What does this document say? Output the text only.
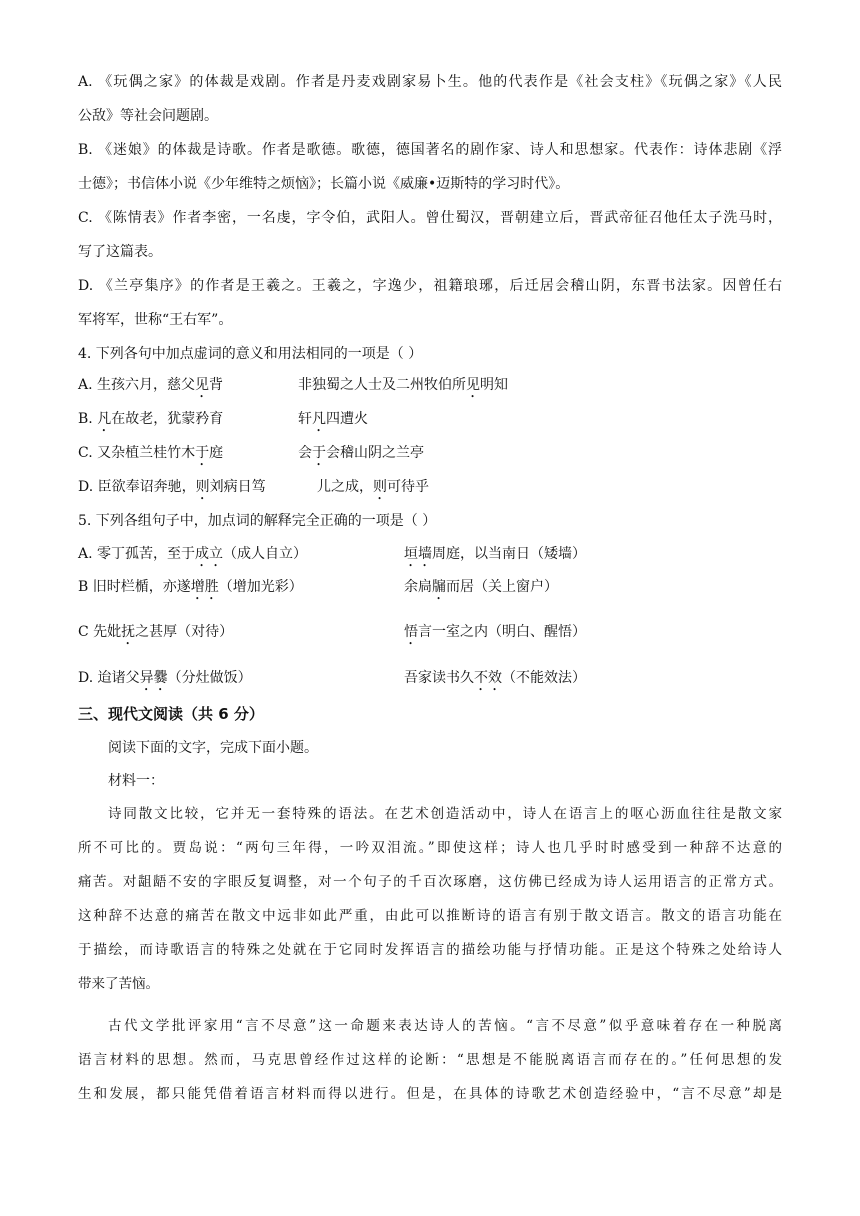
A. 《玩偶之家》的体裁是戏剧。作者是丹麦戏剧家易卜生。他的代表作是《社会支柱》《玩偶之家》《人民
公敌》等社会问题剧。
B. 《迷娘》的体裁是诗歌。作者是歌德。歌德，德国著名的剧作家、诗人和思想家。代表作：诗体悲剧《浮
士德》；书信体小说《少年维特之烦恼》；长篇小说《威廉•迈斯特的学习时代》。
C. 《陈情表》作者李密，一名虔，字令伯，武阳人。曾仕蜀汉，晋朝建立后，晋武帝征召他任太子洗马时，
写了这篇表。
D. 《兰亭集序》的作者是王羲之。王羲之，字逸少，祖籍琅琊，后迁居会稽山阴，东晋书法家。因曾任右
军将军，世称“王右军”。
4. 下列各句中加点虚词的意义和用法相同的一项是（ ）
A. 生孩六月，慈父见背	非独蜀之人士及二州牧伯所见明知
B. 凡在故老，犹蒙矜育	轩凡四遭火
C. 又杂植兰桂竹木于庭	会于会稽山阴之兰亭
D. 臣欲奉诏奔驰，则刘病日笃	儿之成，则可待乎
5. 下列各组句子中，加点词的解释完全正确的一项是（ ）
A. 零丁孤苦，至于成立（成人自立）	垣墙周庭，以当南日（矮墙）
B 旧时栏楯，亦遂增胜（增加光彩）	余扃牖而居（关上窗户）
C 先妣抚之甚厚（对待）	悟言一室之内（明白、醒悟）
D. 迨诸父异爨（分灶做饭）	吾家读书久不效（不能效法）
三、现代文阅读（共 6 分）
阅读下面的文字，完成下面小题。
材料一：
诗同散文比较，它并无一套特殊的语法。在艺术创造活动中，诗人在语言上的呕心沥血往往是散文家
所不可比的。贾岛说：“两句三年得，一吟双泪流。”即使这样；诗人也几乎时时感受到一种辞不达意的
痛苦。对龃龉不安的字眼反复调整，对一个句子的千百次琢磨，这仿佛已经成为诗人运用语言的正常方式。
这种辞不达意的痛苦在散文中远非如此严重，由此可以推断诗的语言有别于散文语言。散文的语言功能在
于描绘，而诗歌语言的特殊之处就在于它同时发挥语言的描绘功能与抒情功能。正是这个特殊之处给诗人
带来了苦恼。
古代文学批评家用“言不尽意”这一命题来表达诗人的苦恼。“言不尽意”似乎意味着存在一种脱离
语言材料的思想。然而，马克思曾经作过这样的论断：“思想是不能脱离语言而存在的。”任何思想的发
生和发展，都只能凭借着语言材料而得以进行。但是，在具体的诗歌艺术创造经验中，“言不尽意”却是
